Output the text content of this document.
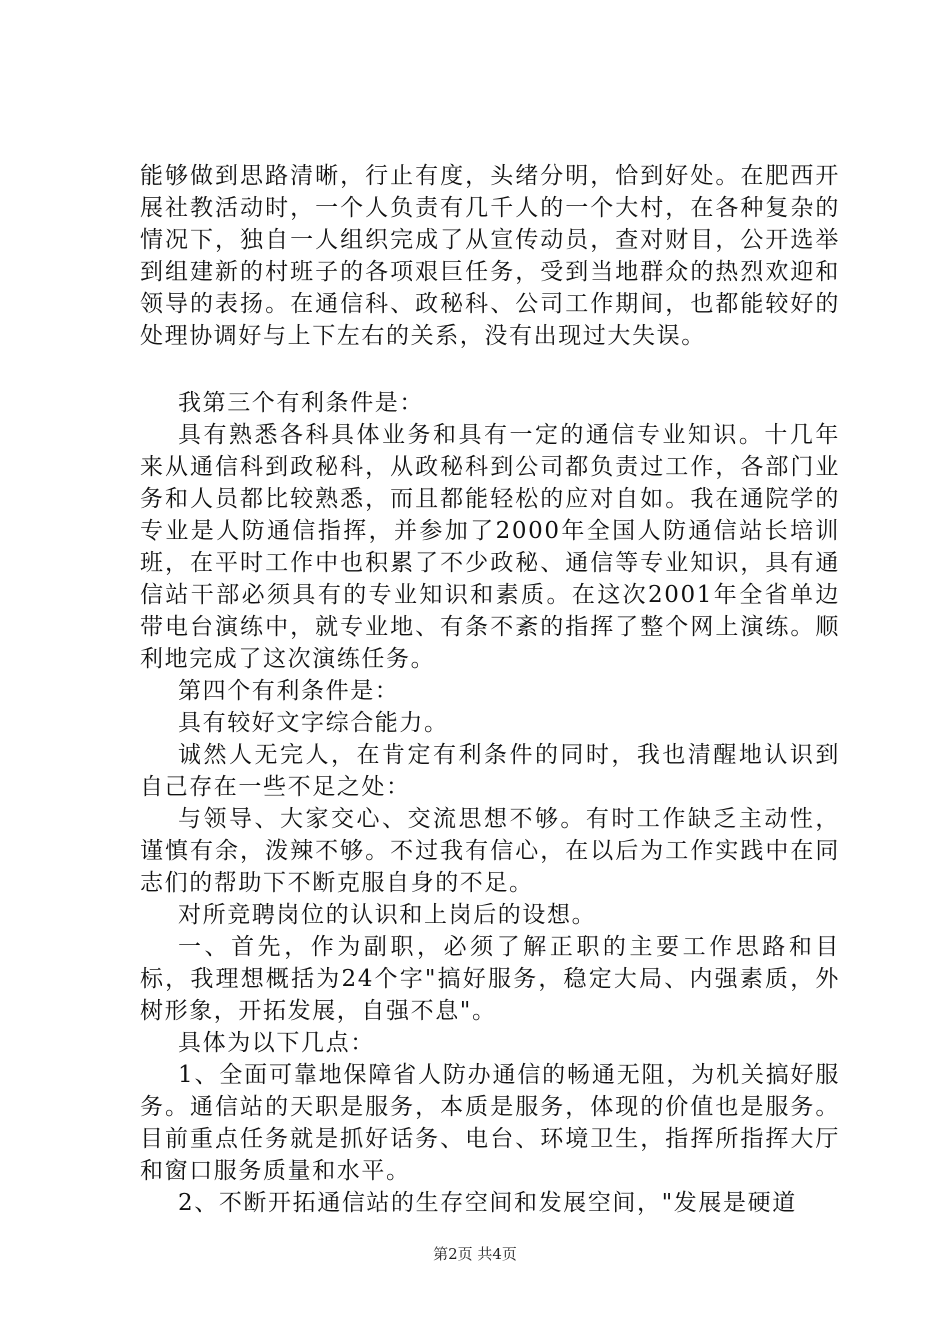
能够做到思路清晰，行止有度，头绪分明，恰到好处。在肥西开展社教活动时，一个人负责有几千人的一个大村，在各种复杂的情况下，独自一人组织完成了从宣传动员，查对财目，公开选举到组建新的村班子的各项艰巨任务，受到当地群众的热烈欢迎和领导的表扬。在通信科、政秘科、公司工作期间，也都能较好的处理协调好与上下左右的关系，没有出现过大失误。

我第三个有利条件是：

具有熟悉各科具体业务和具有一定的通信专业知识。十几年来从通信科到政秘科，从政秘科到公司都负责过工作，各部门业务和人员都比较熟悉，而且都能轻松的应对自如。我在通院学的专业是人防通信指挥，并参加了2000年全国人防通信站长培训班，在平时工作中也积累了不少政秘、通信等专业知识，具有通信站干部必须具有的专业知识和素质。在这次2001年全省单边带电台演练中，就专业地、有条不紊的指挥了整个网上演练。顺利地完成了这次演练任务。

第四个有利条件是：

具有较好文字综合能力。

诚然人无完人，在肯定有利条件的同时，我也清醒地认识到自己存在一些不足之处：

与领导、大家交心、交流思想不够。有时工作缺乏主动性，谨慎有余，泼辣不够。不过我有信心，在以后为工作实践中在同志们的帮助下不断克服自身的不足。

对所竞聘岗位的认识和上岗后的设想。

一、首先，作为副职，必须了解正职的主要工作思路和目标，我理想概括为24个字"搞好服务，稳定大局、内强素质，外树形象，开拓发展，自强不息"。

具体为以下几点：

1、全面可靠地保障省人防办通信的畅通无阻，为机关搞好服务。通信站的天职是服务，本质是服务，体现的价值也是服务。目前重点任务就是抓好话务、电台、环境卫生，指挥所指挥大厅和窗口服务质量和水平。

2、不断开拓通信站的生存空间和发展空间，"发展是硬道

第2页 共4页
